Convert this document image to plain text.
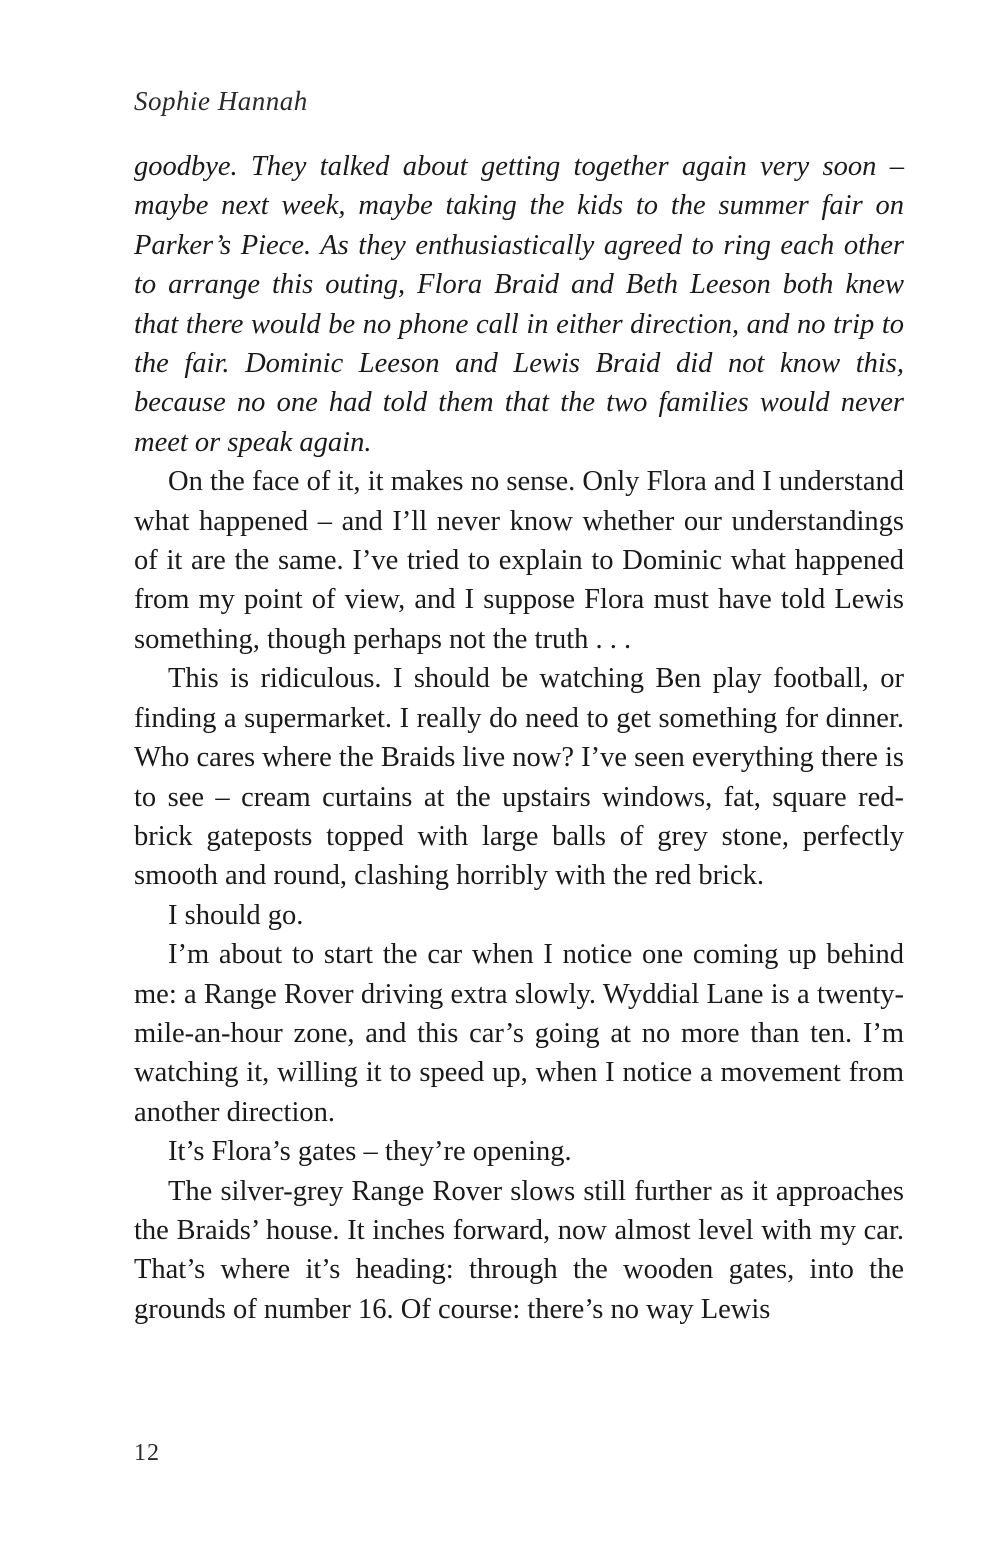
Sophie Hannah

goodbye. They talked about getting together again very soon – maybe next week, maybe taking the kids to the summer fair on Parker’s Piece. As they enthusiastically agreed to ring each other to arrange this outing, Flora Braid and Beth Leeson both knew that there would be no phone call in either direction, and no trip to the fair. Dominic Leeson and Lewis Braid did not know this, because no one had told them that the two families would never meet or speak again.

On the face of it, it makes no sense. Only Flora and I understand what happened – and I’ll never know whether our understandings of it are the same. I’ve tried to explain to Dominic what happened from my point of view, and I suppose Flora must have told Lewis something, though perhaps not the truth . . .

This is ridiculous. I should be watching Ben play football, or finding a supermarket. I really do need to get something for dinner. Who cares where the Braids live now? I’ve seen everything there is to see – cream curtains at the upstairs windows, fat, square red-brick gateposts topped with large balls of grey stone, perfectly smooth and round, clashing horribly with the red brick.

I should go.

I’m about to start the car when I notice one coming up behind me: a Range Rover driving extra slowly. Wyddial Lane is a twenty-mile-an-hour zone, and this car’s going at no more than ten. I’m watching it, willing it to speed up, when I notice a movement from another direction.

It’s Flora’s gates – they’re opening.

The silver-grey Range Rover slows still further as it approaches the Braids’ house. It inches forward, now almost level with my car. That’s where it’s heading: through the wooden gates, into the grounds of number 16. Of course: there’s no way Lewis

12
